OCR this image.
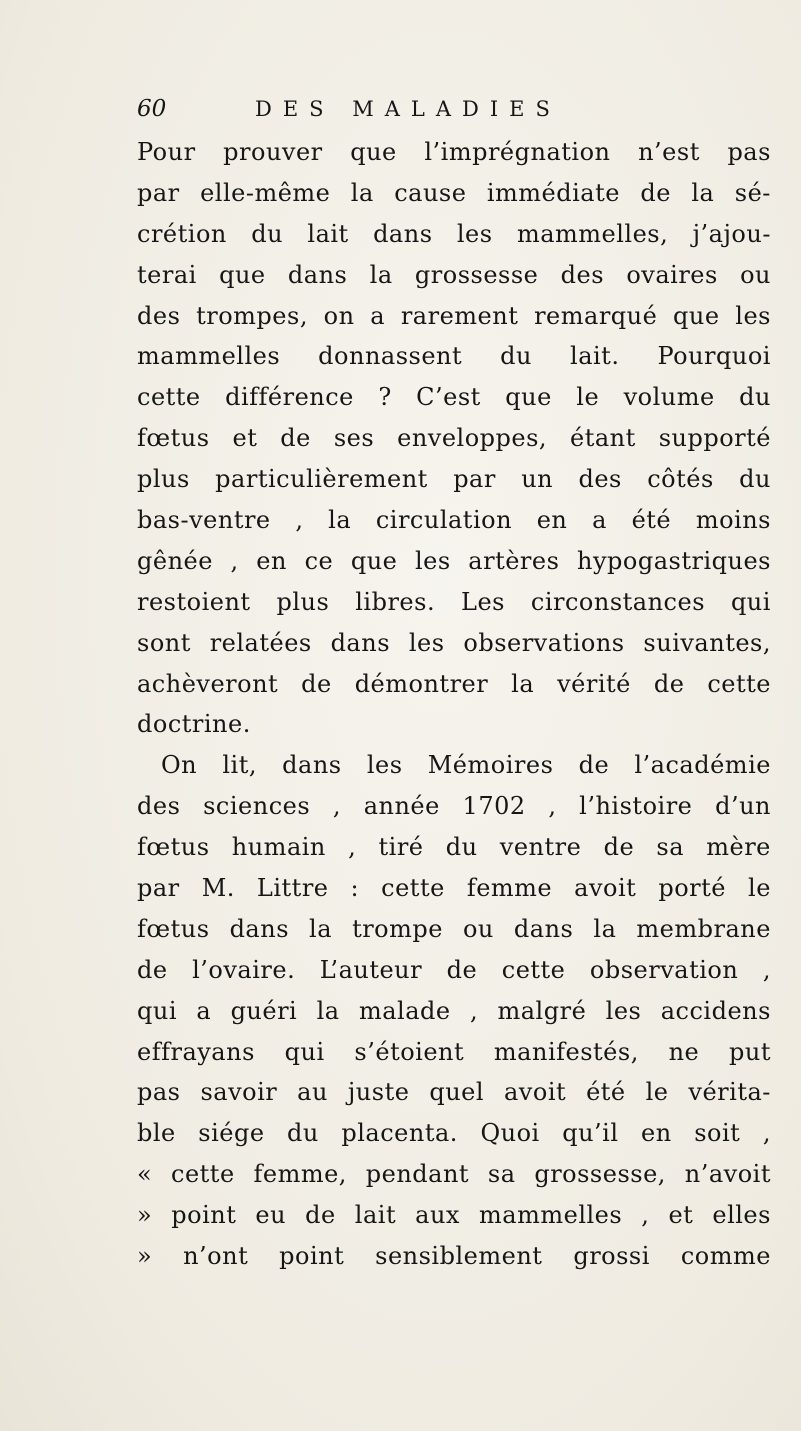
60	DES MALADIES
Pour prouver que l’imprégnation n’est pas
par elle-même la cause immédiate de la sé-
crétion du lait dans les mammelles, j’ajou-
terai que dans la grossesse des ovaires ou
des trompes, on a rarement remarqué que les
mammelles donnassent du lait. Pourquoi
cette différence ? C’est que le volume du
fœtus et de ses enveloppes, étant supporté
plus particulièrement par un des côtés du
bas-ventre , la circulation en a été moins
gênée , en ce que les artères hypogastriques
restoient plus libres. Les circonstances qui
sont relatées dans les observations suivantes,
achèveront de démontrer la vérité de cette
doctrine.
On lit, dans les Mémoires de l’académie
des sciences , année 1702 , l’histoire d’un
fœtus humain , tiré du ventre de sa mère
par M. Littre : cette femme avoit porté le
fœtus dans la trompe ou dans la membrane
de l’ovaire. L’auteur de cette observation ,
qui a guéri la malade , malgré les accidens
effrayans qui s’étoient manifestés, ne put
pas savoir au juste quel avoit été le vérita-
ble siége du placenta. Quoi qu’il en soit ,
« cette femme, pendant sa grossesse, n’avoit
» point eu de lait aux mammelles , et elles
» n’ont point sensiblement grossi comme
